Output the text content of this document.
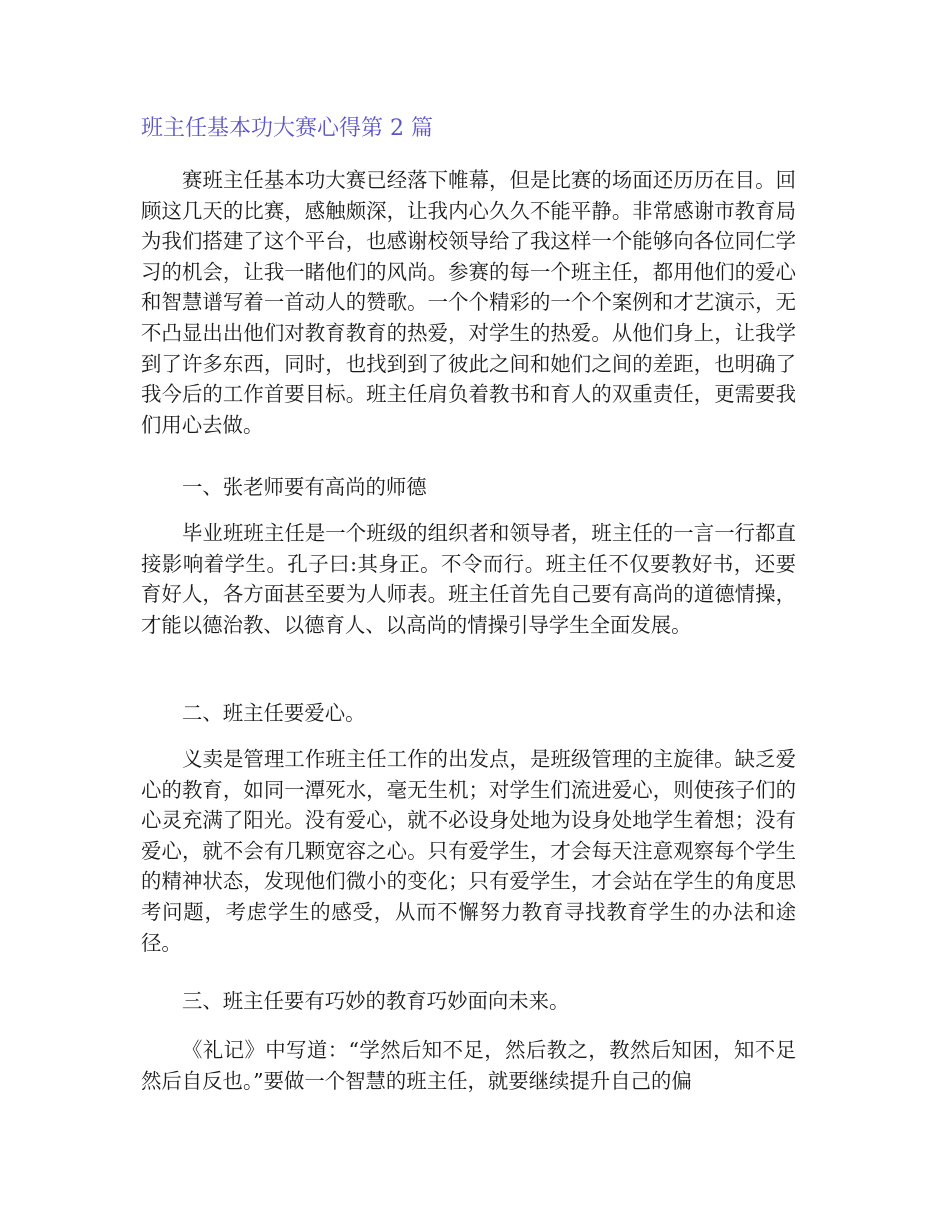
班主任基本功大赛心得第 2 篇

赛班主任基本功大赛已经落下帷幕，但是比赛的场面还历历在目。回顾这几天的比赛，感触颇深，让我内心久久不能平静。非常感谢市教育局为我们搭建了这个平台，也感谢校领导给了我这样一个能够向各位同仁学习的机会，让我一睹他们的风尚。参赛的每一个班主任，都用他们的爱心和智慧谱写着一首动人的赞歌。一个个精彩的一个个案例和才艺演示，无不凸显出出他们对教育教育的热爱，对学生的热爱。从他们身上，让我学到了许多东西，同时，也找到到了彼此之间和她们之间的差距，也明确了我今后的工作首要目标。班主任肩负着教书和育人的双重责任，更需要我们用心去做。

一、张老师要有高尚的师德

毕业班班主任是一个班级的组织者和领导者，班主任的一言一行都直接影响着学生。孔子曰:其身正。不令而行。班主任不仅要教好书，还要育好人，各方面甚至要为人师表。班主任首先自己要有高尚的道德情操，才能以德治教、以德育人、以高尚的情操引导学生全面发展。

二、班主任要爱心。

义卖是管理工作班主任工作的出发点，是班级管理的主旋律。缺乏爱心的教育，如同一潭死水，毫无生机；对学生们流进爱心，则使孩子们的心灵充满了阳光。没有爱心，就不必设身处地为设身处地学生着想；没有爱心，就不会有几颗宽容之心。只有爱学生，才会每天注意观察每个学生的精神状态，发现他们微小的变化；只有爱学生，才会站在学生的角度思考问题，考虑学生的感受，从而不懈努力教育寻找教育学生的办法和途径。

三、班主任要有巧妙的教育巧妙面向未来。

《礼记》中写道：“学然后知不足，然后教之，教然后知困，知不足然后自反也。”要做一个智慧的班主任，就要继续提升自己的偏
